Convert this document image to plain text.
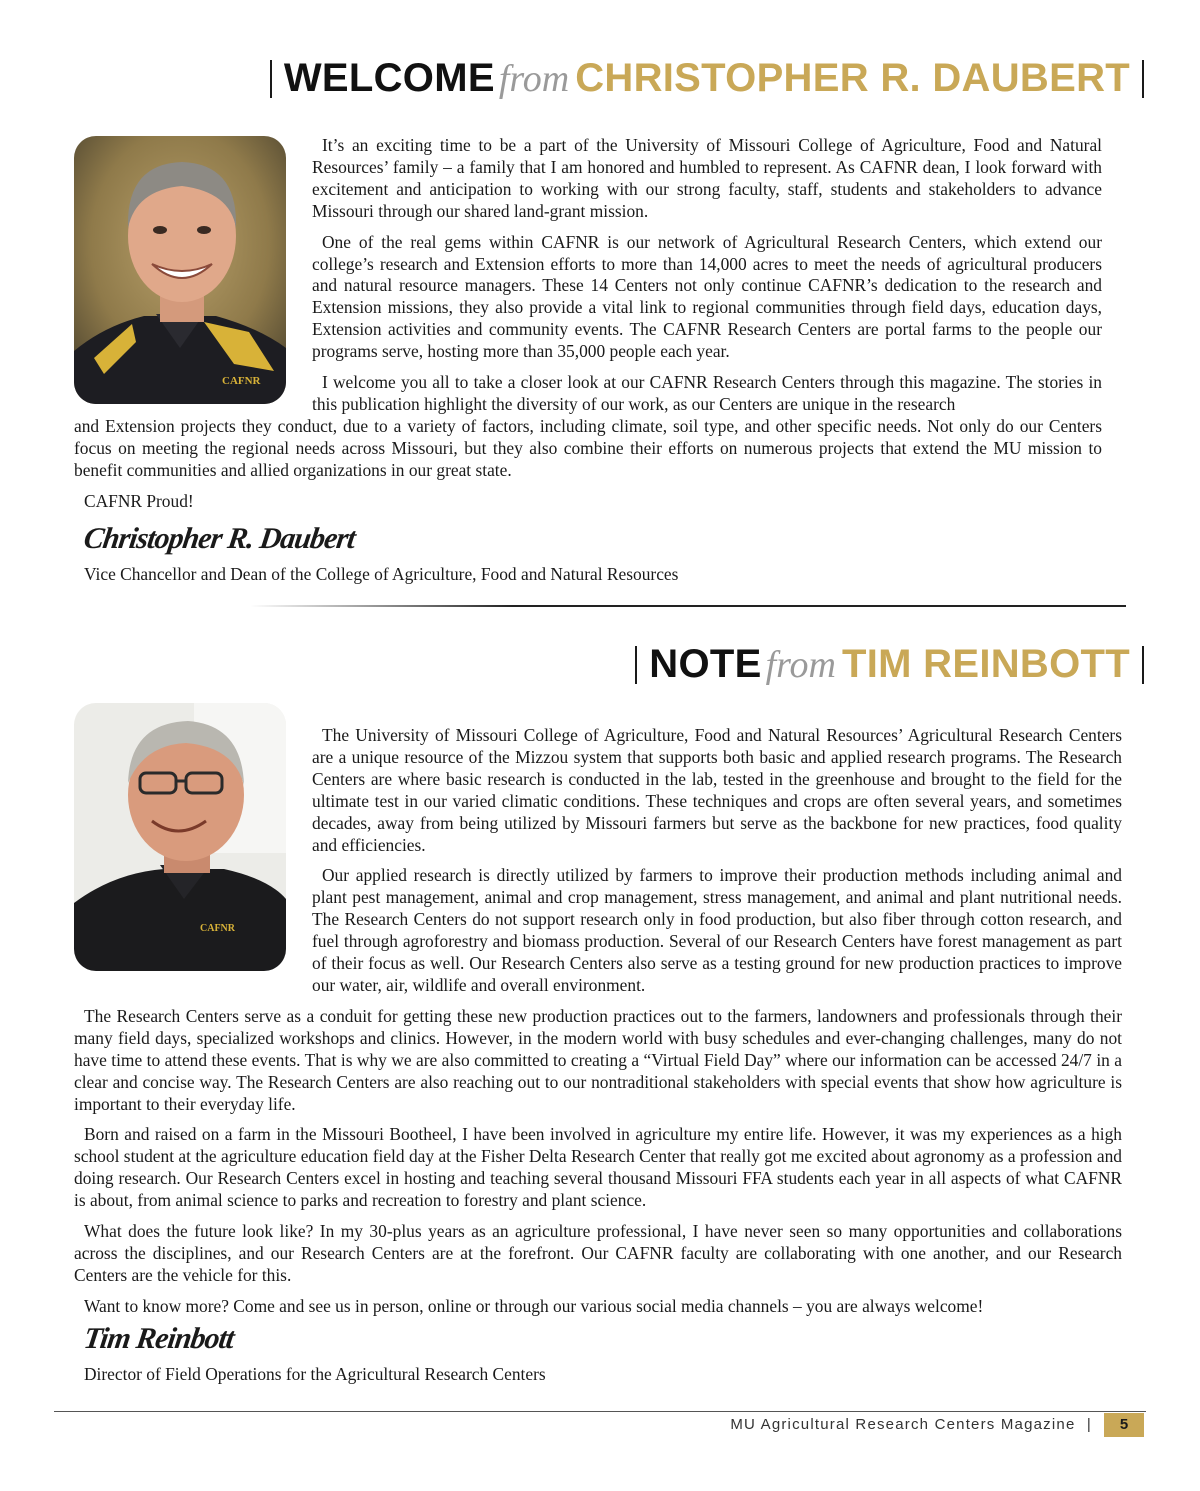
WELCOME from CHRISTOPHER R. DAUBERT
CAFNR

It’s an exciting time to be a part of the University of Missouri College of Agriculture, Food and Natural Resources’ family – a family that I am honored and humbled to represent. As CAFNR dean, I look forward with excitement and anticipation to working with our strong faculty, staff, students and stakeholders to advance Missouri through our shared land-grant mission.

One of the real gems within CAFNR is our network of Agricultural Research Centers, which extend our college’s research and Extension efforts to more than 14,000 acres to meet the needs of agricultural producers and natural resource managers. These 14 Centers not only continue CAFNR’s dedication to the research and Extension missions, they also provide a vital link to regional communities through field days, education days, Extension activities and community events. The CAFNR Research Centers are portal farms to the people our programs serve, hosting more than 35,000 people each year.

I welcome you all to take a closer look at our CAFNR Research Centers through this magazine. The stories in this publication highlight the diversity of our work, as our Centers are unique in the research

and Extension projects they conduct, due to a variety of factors, including climate, soil type, and other specific needs. Not only do our Centers focus on meeting the regional needs across Missouri, but they also combine their efforts on numerous projects that extend the MU mission to benefit communities and allied organizations in our great state.

CAFNR Proud!

Christopher R. Daubert
Vice Chancellor and Dean of the College of Agriculture, Food and Natural Resources
NOTE from TIM REINBOTT
CAFNR

The University of Missouri College of Agriculture, Food and Natural Resources’ Agricultural Research Centers are a unique resource of the Mizzou system that supports both basic and applied research programs. The Research Centers are where basic research is conducted in the lab, tested in the greenhouse and brought to the field for the ultimate test in our varied climatic conditions. These techniques and crops are often several years, and sometimes decades, away from being utilized by Missouri farmers but serve as the backbone for new practices, food quality and efficiencies.

Our applied research is directly utilized by farmers to improve their production methods including animal and plant pest management, animal and crop management, stress management, and animal and plant nutritional needs. The Research Centers do not support research only in food production, but also fiber through cotton research, and fuel through agroforestry and biomass production. Several of our Research Centers have forest management as part of their focus as well. Our Research Centers also serve as a testing ground for new production practices to improve our water, air, wildlife and overall environment.

The Research Centers serve as a conduit for getting these new production practices out to the farmers, landowners and professionals through their many field days, specialized workshops and clinics. However, in the modern world with busy schedules and ever-changing challenges, many do not have time to attend these events. That is why we are also committed to creating a “Virtual Field Day” where our information can be accessed 24/7 in a clear and concise way. The Research Centers are also reaching out to our nontraditional stakeholders with special events that show how agriculture is important to their everyday life.

Born and raised on a farm in the Missouri Bootheel, I have been involved in agriculture my entire life. However, it was my experiences as a high school student at the agriculture education field day at the Fisher Delta Research Center that really got me excited about agronomy as a profession and doing research. Our Research Centers excel in hosting and teaching several thousand Missouri FFA students each year in all aspects of what CAFNR is about, from animal science to parks and recreation to forestry and plant science.

What does the future look like? In my 30-plus years as an agriculture professional, I have never seen so many opportunities and collaborations across the disciplines, and our Research Centers are at the forefront. Our CAFNR faculty are collaborating with one another, and our Research Centers are the vehicle for this.

Want to know more? Come and see us in person, online or through our various social media channels – you are always welcome!

Tim Reinbott
Director of Field Operations for the Agricultural Research Centers
MU Agricultural Research Centers Magazine |	5
